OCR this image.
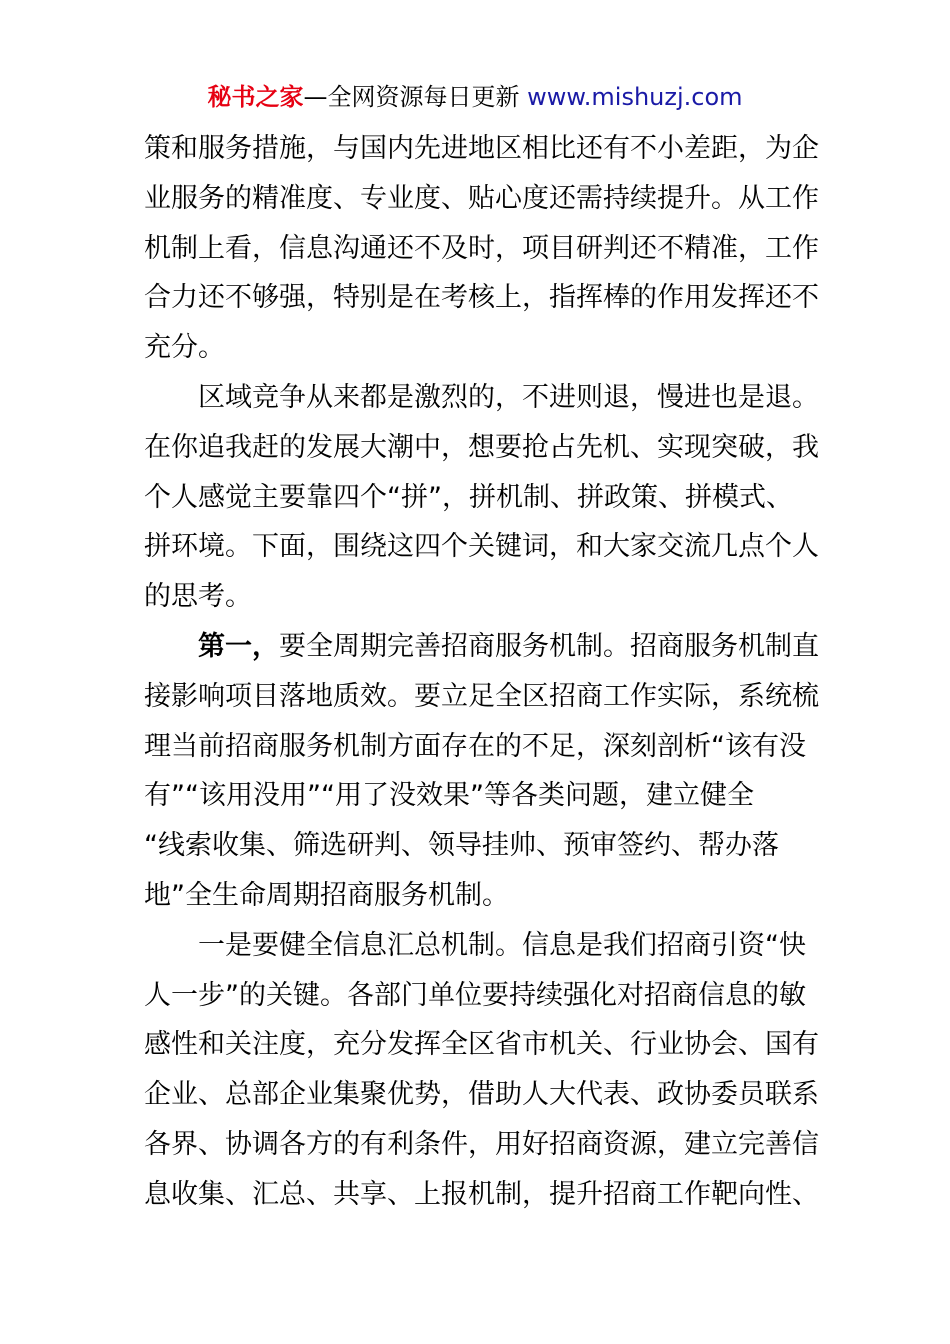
秘书之家—全网资源每日更新 www.mishuzj.com
策和服务措施，与国内先进地区相比还有不小差距，为企
业服务的精准度、专业度、贴心度还需持续提升。从工作
机制上看，信息沟通还不及时，项目研判还不精准，工作
合力还不够强，特别是在考核上，指挥棒的作用发挥还不
充分。
区域竞争从来都是激烈的，不进则退，慢进也是退。
在你追我赶的发展大潮中，想要抢占先机、实现突破，我
个人感觉主要靠四个“拼”，拼机制、拼政策、拼模式、
拼环境。下面，围绕这四个关键词，和大家交流几点个人
的思考。
第一，要全周期完善招商服务机制。招商服务机制直
接影响项目落地质效。要立足全区招商工作实际，系统梳
理当前招商服务机制方面存在的不足，深刻剖析“该有没
有”“该用没用”“用了没效果”等各类问题，建立健全
“线索收集、筛选研判、领导挂帅、预审签约、帮办落
地”全生命周期招商服务机制。
一是要健全信息汇总机制。信息是我们招商引资“快
人一步”的关键。各部门单位要持续强化对招商信息的敏
感性和关注度，充分发挥全区省市机关、行业协会、国有
企业、总部企业集聚优势，借助人大代表、政协委员联系
各界、协调各方的有利条件，用好招商资源，建立完善信
息收集、汇总、共享、上报机制，提升招商工作靶向性、
